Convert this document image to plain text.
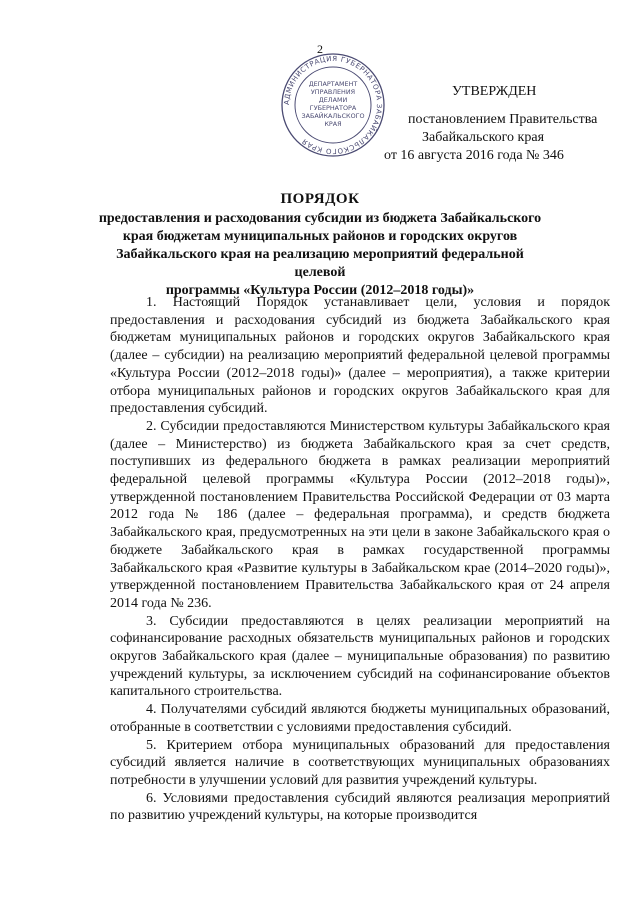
2
АДМИНИСТРАЦИЯ ГУБЕРНАТОРА ЗАБАЙКАЛЬСКОГО КРАЯ
ДЕПАРТАМЕНТ
УПРАВЛЕНИЯ
ДЕЛАМИ
ГУБЕРНАТОРА
ЗАБАЙКАЛЬСКОГО
КРАЯ
УТВЕРЖДЕН
постановлением Правительства
Забайкальского края
от 16 августа 2016 года № 346
ПОРЯДОК
предоставления и расходования субсидии из бюджета Забайкальского
края бюджетам муниципальных районов и городских округов
Забайкальского края на реализацию мероприятий федеральной целевой
программы «Культура России (2012–2018 годы)»

1. Настоящий Порядок устанавливает цели, условия и порядок предоставления и расходования субсидий из бюджета Забайкальского края бюджетам муниципальных районов и городских округов Забайкальского края (далее – субсидии) на реализацию мероприятий федеральной целевой программы «Культура России (2012–2018 годы)» (далее – мероприятия), а также критерии отбора муниципальных районов и городских округов Забайкальского края для предоставления субсидий.

2. Субсидии предоставляются Министерством культуры Забайкальского края (далее – Министерство) из бюджета Забайкальского края за счет средств, поступивших из федерального бюджета в рамках реализации мероприятий федеральной целевой программы «Культура России (2012–2018 годы)», утвержденной постановлением Правительства Российской Федерации от 03 марта 2012 года № 186 (далее – федеральная программа), и средств бюджета Забайкальского края, предусмотренных на эти цели в законе Забайкальского края о бюджете Забайкальского края в рамках государственной программы Забайкальского края «Развитие культуры в Забайкальском крае (2014–2020 годы)», утвержденной постановлением Правительства Забайкальского края от 24 апреля 2014 года № 236.

3. Субсидии предоставляются в целях реализации мероприятий на софинансирование расходных обязательств муниципальных районов и городских округов Забайкальского края (далее – муниципальные образования) по развитию учреждений культуры, за исключением субсидий на софинансирование объектов капитального строительства.

4. Получателями субсидий являются бюджеты муниципальных образований, отобранные в соответствии с условиями предоставления субсидий.

5. Критерием отбора муниципальных образований для предоставления субсидий является наличие в соответствующих муниципальных образованиях потребности в улучшении условий для развития учреждений культуры.

6. Условиями предоставления субсидий являются реализация мероприятий по развитию учреждений культуры, на которые производится
